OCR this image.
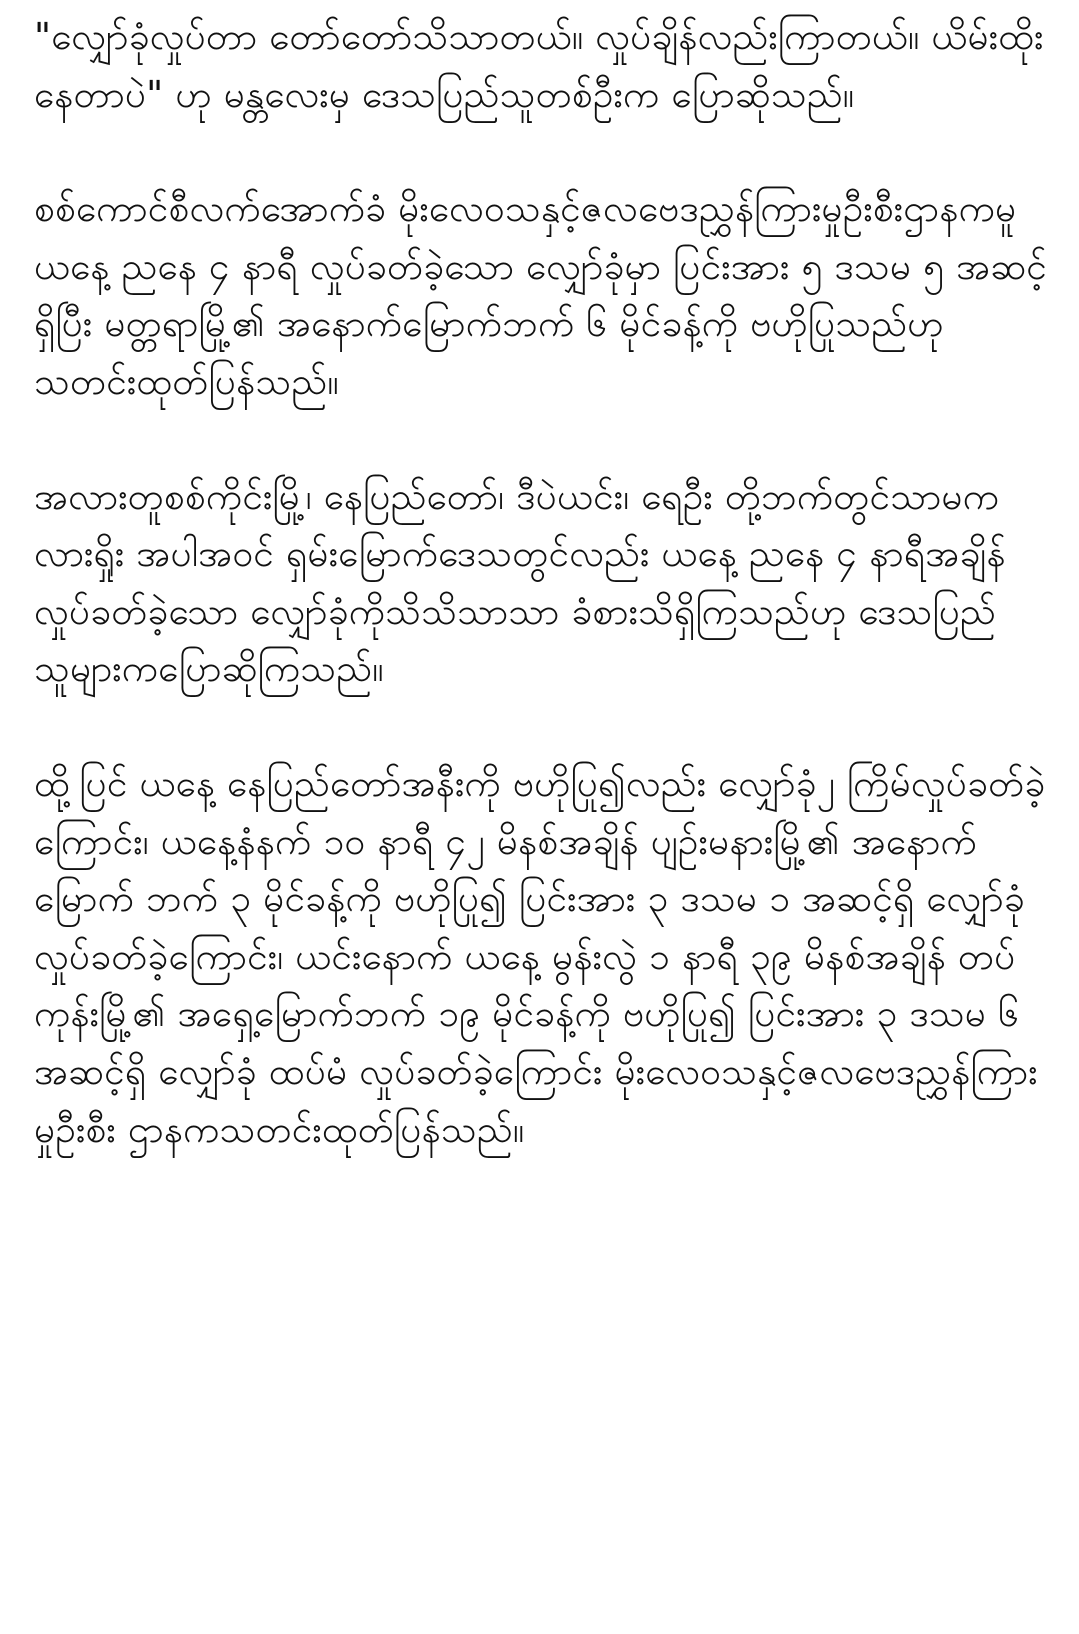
"လျှော်ခုံလှုပ်တာ တော်တော်သိသာတယ်။ လှုပ်ချိန်လည်းကြာတယ်။ ယိမ်းထိုးနေတာပဲ" ဟု မန္တလေးမှ ဒေသပြည်သူတစ်ဦးက ပြောဆိုသည်။

စစ်ကောင်စီလက်အောက်ခံ မိုးလေဝသနှင့်ဇလဗေဒညွှန်ကြားမှုဦးစီးဌာနကမူ ယနေ့ ညနေ ၄ နာရီ လှုပ်ခတ်ခဲ့သော လျှော်ခုံမှာ ပြင်းအား ၅ ဒသမ ၅ အဆင့်ရှိပြီး မတ္တရာမြို့၏ အနောက်မြောက်ဘက် ၆ မိုင်ခန့်ကို ဗဟိုပြုသည်ဟု သတင်းထုတ်ပြန်သည်။

အလားတူစစ်ကိုင်းမြို့၊ နေပြည်တော်၊ ဒီပဲယင်း၊ ရေဦး တို့ဘက်တွင်သာမက လားရှိုး အပါအဝင် ရှမ်းမြောက်ဒေသတွင်လည်း ယနေ့ ညနေ ၄ နာရီအချိန် လှုပ်ခတ်ခဲ့သော လျှော်ခုံကိုသိသိသာသာ ခံစားသိရှိကြသည်ဟု ဒေသပြည်သူများကပြောဆိုကြသည်။

ထို့ပြင် ယနေ့ နေပြည်တော်အနီးကို ဗဟိုပြု၍လည်း လျှော်ခုံ၂ ကြိမ်လှုပ်ခတ်ခဲ့ကြောင်း၊ ယနေ့နံနက် ၁၀ နာရီ ၄၂ မိနစ်အချိန် ပျဉ်းမနားမြို့၏ အနောက် မြောက် ဘက် ၃ မိုင်ခန့်ကို ဗဟိုပြု၍ ပြင်းအား ၃ ဒသမ ၁ အဆင့်ရှိ လျှော်ခုံလှုပ်ခတ်ခဲ့ကြောင်း၊ ယင်းနောက် ယနေ့ မွန်းလွဲ ၁ နာရီ ၃၉ မိနစ်အချိန် တပ်ကုန်းမြို့၏ အရှေ့မြောက်ဘက် ၁၉ မိုင်ခန့်ကို ဗဟိုပြု၍ ပြင်းအား ၃ ဒသမ ၆ အဆင့်ရှိ လျှော်ခုံ ထပ်မံ လှုပ်ခတ်ခဲ့ကြောင်း မိုးလေဝသနှင့်ဇလဗေဒညွှန်ကြားမှုဦးစီး ဌာနကသတင်းထုတ်ပြန်သည်။
